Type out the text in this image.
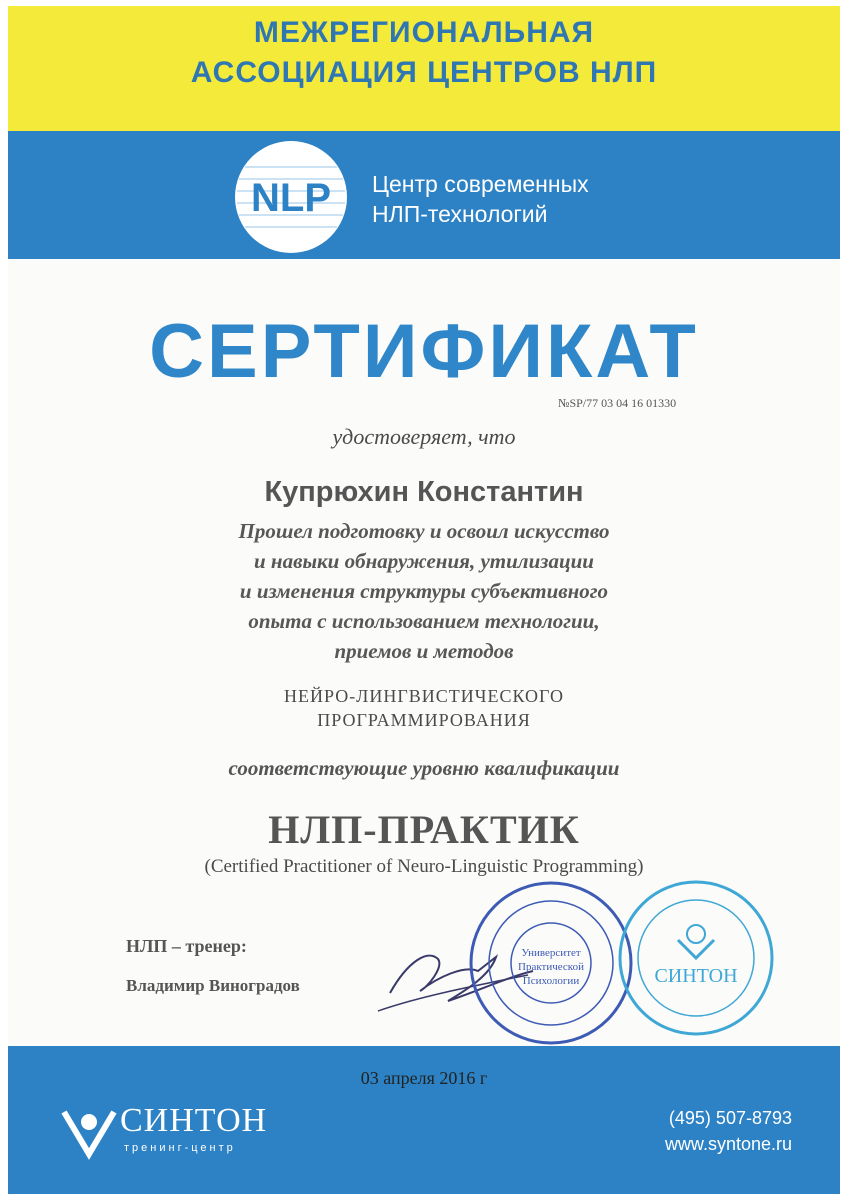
МЕЖРЕГИОНАЛЬНАЯ

АССОЦИАЦИЯ ЦЕНТРОВ НЛП

NLP Центр современных
НЛП-технологий
СЕРТИФИКАТ
№SP/77 03 04 16 01330

удостоверяет, что

Купрюхин Константин

Прошел подготовку и освоил искусство
и навыки обнаружения, утилизации
и изменения структуры субъективного
опыта с использованием технологии,
приемов и методов
НЕЙРО-ЛИНГВИСТИЧЕСКОГО
ПРОГРАММИРОВАНИЯ

соответствующие уровню квалификации

НЛП-ПРАКТИК

(Certified Practitioner of Neuro-Linguistic Programming)

НЛП – тренер:
Владимир Виноградов
Университет
Практической
Психологии	СИНТОН

03 апреля 2016 г

СИНТОН
тренинг-центр
(495) 507-8793
www.syntone.ru
